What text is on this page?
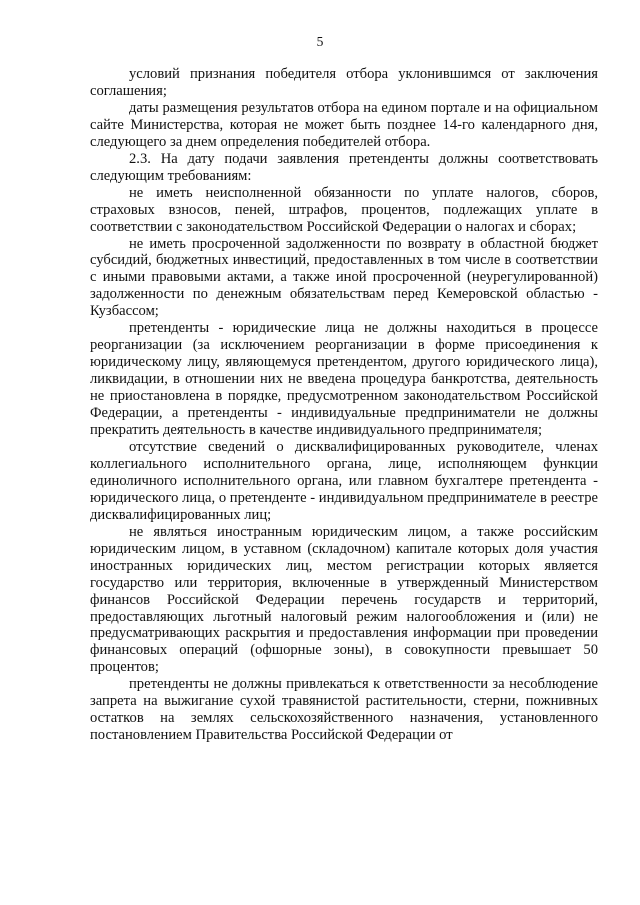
5

условий признания победителя отбора уклонившимся от заключения соглашения;

даты размещения результатов отбора на едином портале и на официальном сайте Министерства, которая не может быть позднее 14-го календарного дня, следующего за днем определения победителей отбора.

2.3. На дату подачи заявления претенденты должны соответствовать следующим требованиям:

не иметь неисполненной обязанности по уплате налогов, сборов, страховых взносов, пеней, штрафов, процентов, подлежащих уплате в соответствии с законодательством Российской Федерации о налогах и сборах;

не иметь просроченной задолженности по возврату в областной бюджет субсидий, бюджетных инвестиций, предоставленных в том числе в соответствии с иными правовыми актами, а также иной просроченной (неурегулированной) задолженности по денежным обязательствам перед Кемеровской областью - Кузбассом;

претенденты - юридические лица не должны находиться в процессе реорганизации (за исключением реорганизации в форме присоединения к юридическому лицу, являющемуся претендентом, другого юридического лица), ликвидации, в отношении них не введена процедура банкротства, деятельность не приостановлена в порядке, предусмотренном законодательством Российской Федерации, а претенденты - индивидуальные предприниматели не должны прекратить деятельность в качестве индивидуального предпринимателя;

отсутствие сведений о дисквалифицированных руководителе, членах коллегиального исполнительного органа, лице, исполняющем функции единоличного исполнительного органа, или главном бухгалтере претендента - юридического лица, о претенденте - индивидуальном предпринимателе в реестре дисквалифицированных лиц;

не являться иностранным юридическим лицом, а также российским юридическим лицом, в уставном (складочном) капитале которых доля участия иностранных юридических лиц, местом регистрации которых является государство или территория, включенные в утвержденный Министерством финансов Российской Федерации перечень государств и территорий, предоставляющих льготный налоговый режим налогообложения и (или) не предусматривающих раскрытия и предоставления информации при проведении финансовых операций (офшорные зоны), в совокупности превышает 50 процентов;

претенденты не должны привлекаться к ответственности за несоблюдение запрета на выжигание сухой травянистой растительности, стерни, пожнивных остатков на землях сельскохозяйственного назначения, установленного постановлением Правительства Российской Федерации от
